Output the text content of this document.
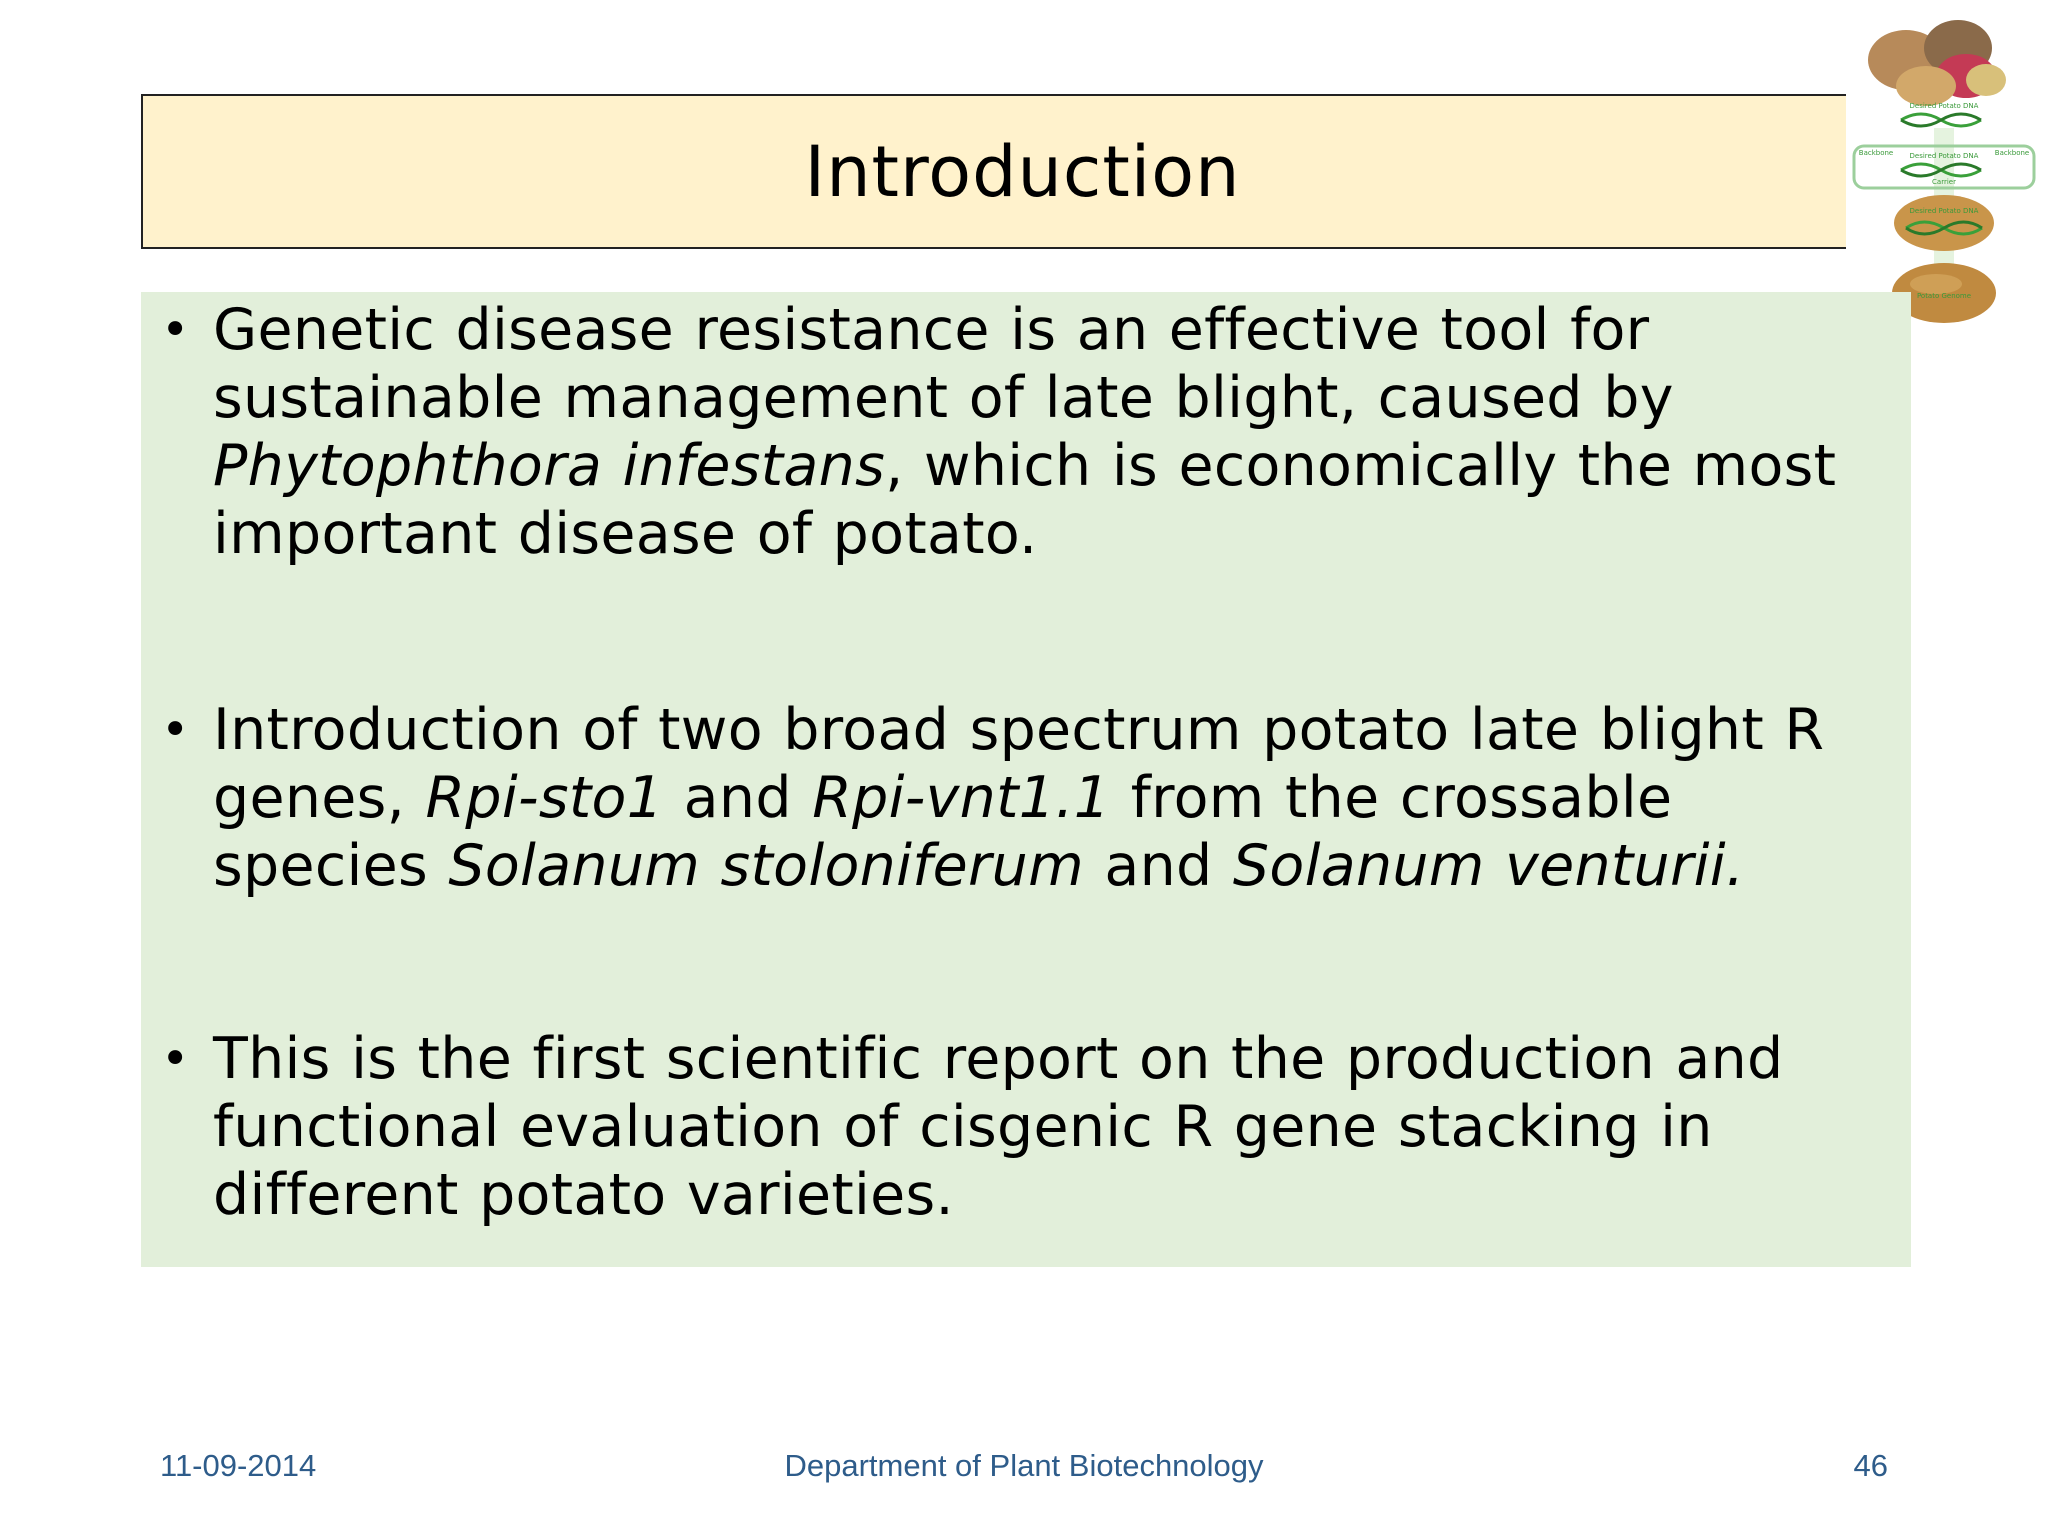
Introduction
Desired Potato DNA
Desired Potato DNA
Backbone	Backbone
Carrier
Desired Potato DNA
Potato Genome
• Genetic disease resistance is an effective tool for sustainable management of late blight, caused by Phytophthora infestans, which is economically the most important disease of potato.
• Introduction of two broad spectrum potato late blight R genes, Rpi-sto1 and Rpi-vnt1.1 from the crossable species Solanum stoloniferum and Solanum venturii.
• This is the first scientific report on the production and functional evaluation of cisgenic R gene stacking in different potato varieties.
11-09-2014	Department of Plant Biotechnology	46
